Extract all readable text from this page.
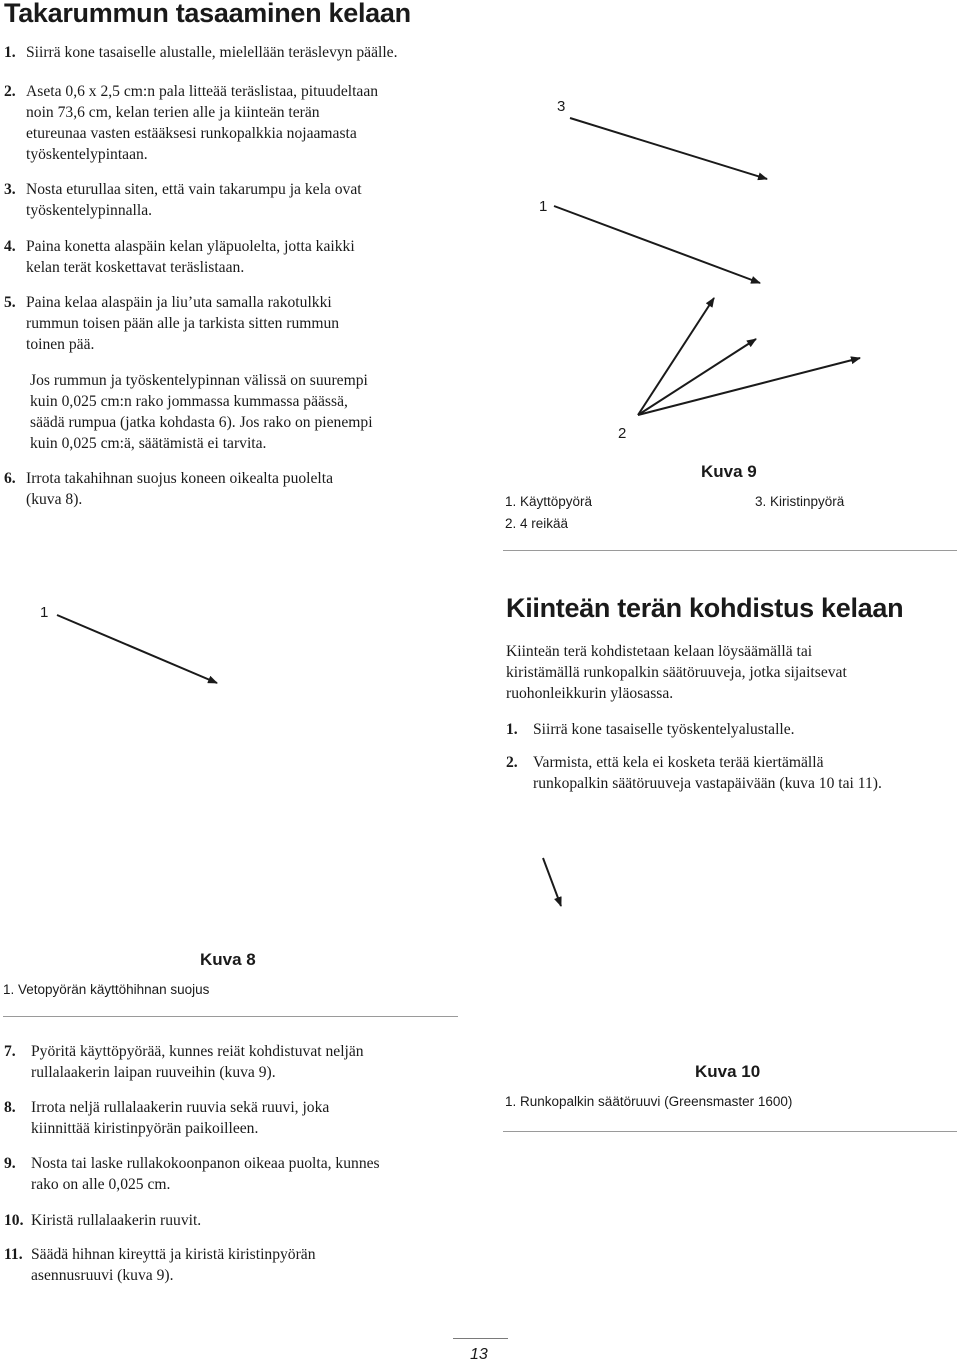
Takarummun tasaaminen kelaan
1. Siirrä kone tasaiselle alustalle, mielellään teräslevyn päälle.
2. Aseta 0,6 x 2,5 cm:n pala litteää teräslistaa, pituudeltaan
noin 73,6 cm, kelan terien alle ja kiinteän terän
etureunaa vasten estääksesi runkopalkkia nojaamasta
työskentelypintaan.
3. Nosta eturullaa siten, että vain takarumpu ja kela ovat
työskentelypinnalla.
4. Paina konetta alaspäin kelan yläpuolelta, jotta kaikki
kelan terät koskettavat teräslistaan.
5. Paina kelaa alaspäin ja liu’uta samalla rakotulkki
rummun toisen pään alle ja tarkista sitten rummun
toinen pää.
Jos rummun ja työskentelypinnan välissä on suurempi
kuin 0,025 cm:n rako jommassa kummassa päässä,
säädä rumpua (jatka kohdasta 6). Jos rako on pienempi
kuin 0,025 cm:ä, säätämistä ei tarvita.
6. Irrota takahihnan suojus koneen oikealta puolelta
(kuva 8).
3
1
2
Kuva 9
1. Käyttöpyörä
2. 4 reikää
3. Kiristinpyörä
1
Kuva 8
1. Vetopyörän käyttöhihnan suojus
Kiinteän terän kohdistus kelaan
Kiinteän terä kohdistetaan kelaan löysäämällä tai
kiristämällä runkopalkin säätöruuveja, jotka sijaitsevat
ruohonleikkurin yläosassa.
1. Siirrä kone tasaiselle työskentelyalustalle.
2. Varmista, että kela ei kosketa terää kiertämällä
runkopalkin säätöruuveja vastapäivään (kuva 10 tai 11).
Kuva 10
1. Runkopalkin säätöruuvi (Greensmaster 1600)
7. Pyöritä käyttöpyörää, kunnes reiät kohdistuvat neljän
rullalaakerin laipan ruuveihin (kuva 9).
8. Irrota neljä rullalaakerin ruuvia sekä ruuvi, joka
kiinnittää kiristinpyörän paikoilleen.
9. Nosta tai laske rullakokoonpanon oikeaa puolta, kunnes
rako on alle 0,025 cm.
10. Kiristä rullalaakerin ruuvit.
11. Säädä hihnan kireyttä ja kiristä kiristinpyörän
asennusruuvi (kuva 9).
13
